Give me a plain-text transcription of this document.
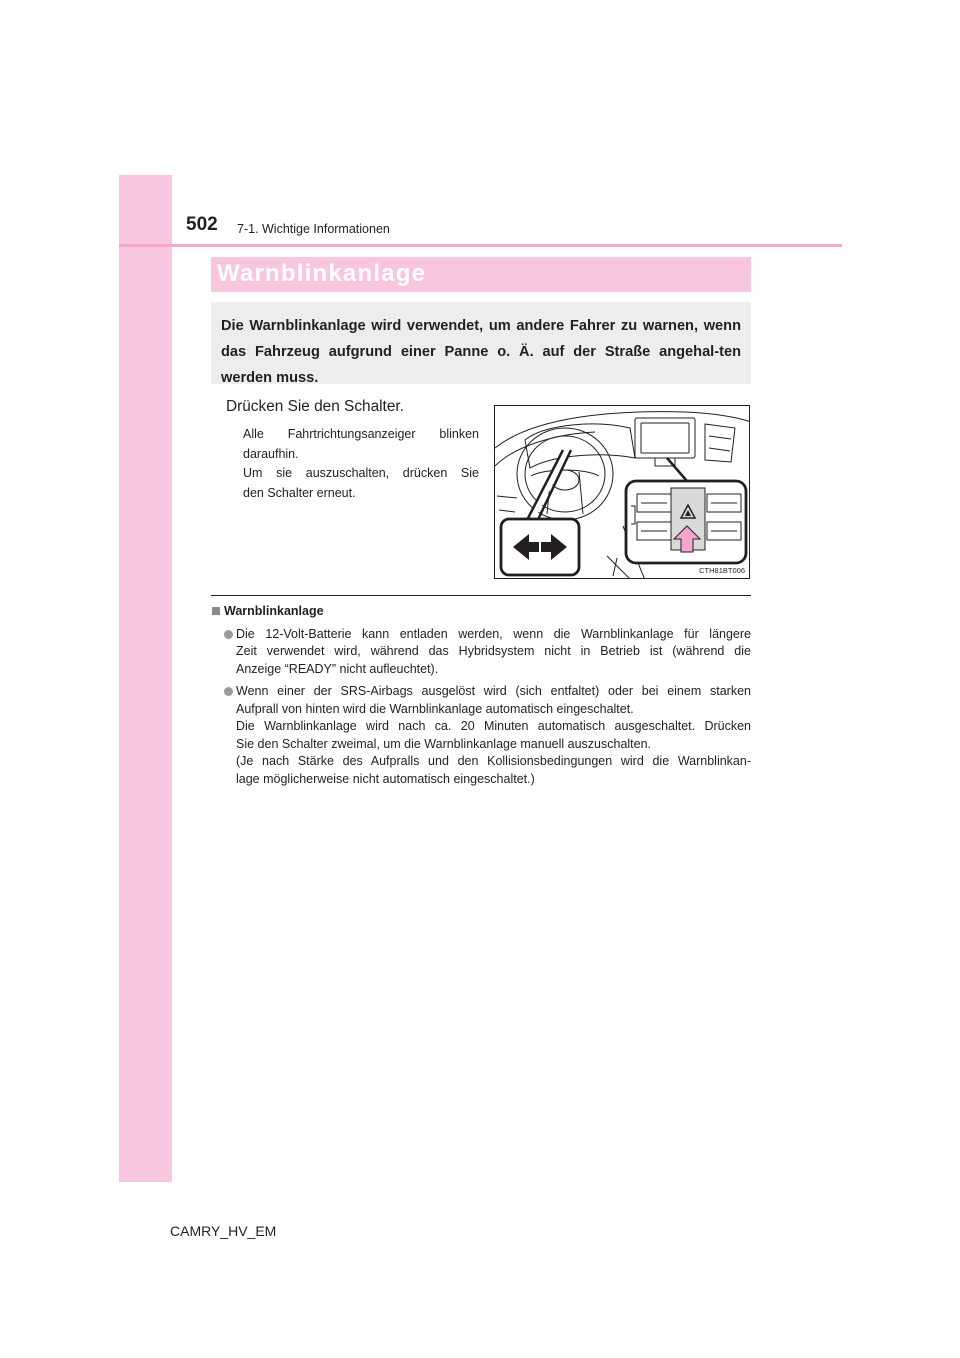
502 7-1. Wichtige Informationen
Warnblinkanlage

Die Warnblinkanlage wird verwendet, um andere Fahrer zu warnen, wenn das Fahrzeug aufgrund einer Panne o. Ä. auf der Straße angehal-ten werden muss.

Drücken Sie den Schalter.

Alle Fahrtrichtungsanzeiger blinken

daraufhin.

Um sie auszuschalten, drücken Sie

den Schalter erneut.

CTH81BT006
Warnblinkanlage

Die 12-Volt-Batterie kann entladen werden, wenn die Warnblinkanlage für längere

Zeit verwendet wird, während das Hybridsystem nicht in Betrieb ist (während die

Anzeige “READY” nicht aufleuchtet).

Wenn einer der SRS-Airbags ausgelöst wird (sich entfaltet) oder bei einem starken

Aufprall von hinten wird die Warnblinkanlage automatisch eingeschaltet.

Die Warnblinkanlage wird nach ca. 20 Minuten automatisch ausgeschaltet. Drücken

Sie den Schalter zweimal, um die Warnblinkanlage manuell auszuschalten.

(Je nach Stärke des Aufpralls und den Kollisionsbedingungen wird die Warnblinkan-

lage möglicherweise nicht automatisch eingeschaltet.)

CAMRY_HV_EM
